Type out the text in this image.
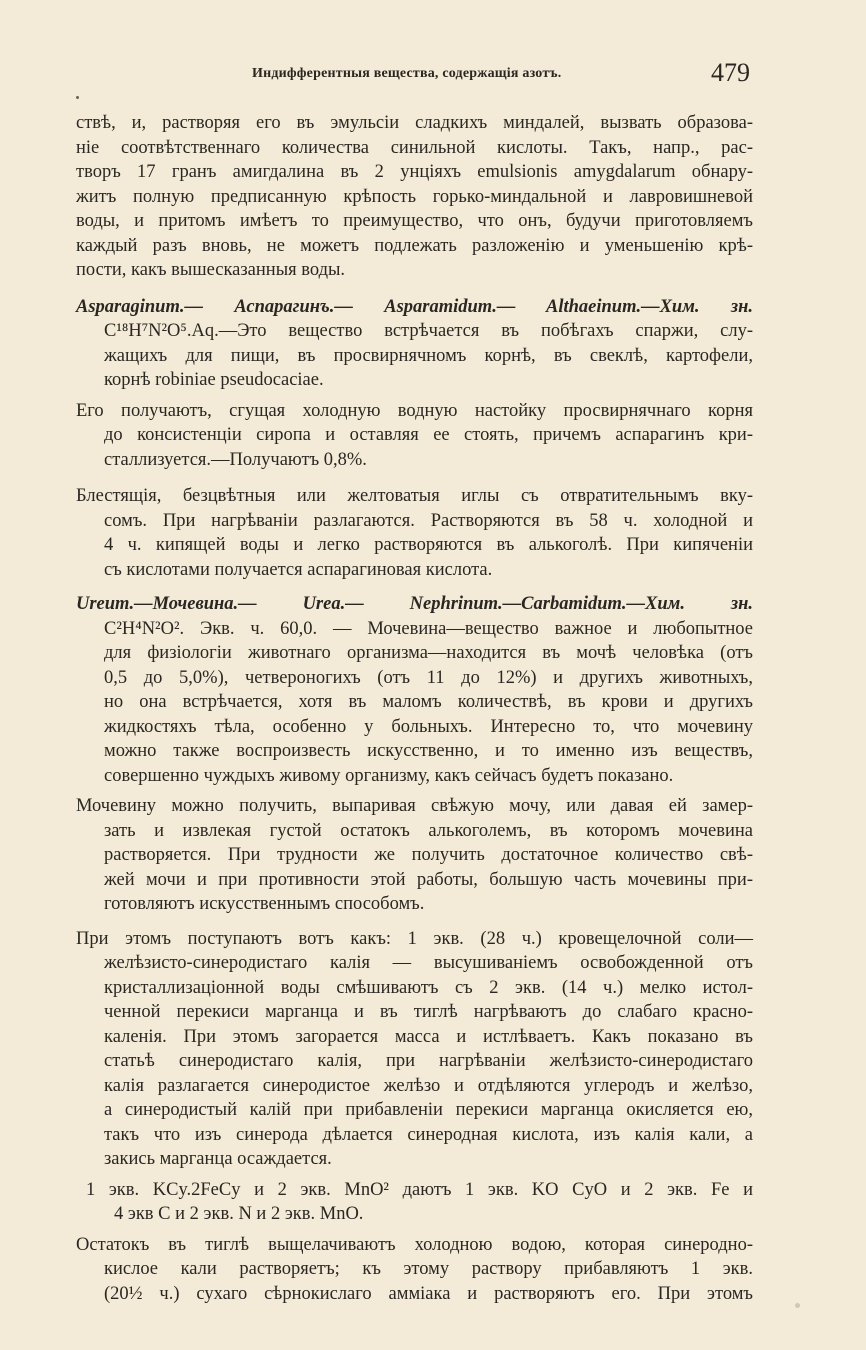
Индифферентныя вещества, содержащія азотъ.	479
ствѣ, и, растворяя его въ эмульсіи сладкихъ миндалей, вызвать образова-
ніе соотвѣтственнаго количества синильной кислоты. Такъ, напр., рас-
творъ 17 гранъ амигдалина въ 2 унціяхъ emulsionis amygdalarum обнару-
житъ полную предписанную крѣпость горько-миндальной и лавровишневой
воды, и притомъ имѣетъ то преимущество, что онъ, будучи приготовляемъ
каждый разъ вновь, не можетъ подлежать разложенію и уменьшенію крѣ-
пости, какъ вышесказанныя воды.
Asparaginum.— Аспарагинъ.— Asparamidum.— Althaeinum.—Хим. зн.
C¹⁸H⁷N²O⁵.Aq.—Это вещество встрѣчается въ побѣгахъ спаржи, слу-
жащихъ для пищи, въ просвирнячномъ корнѣ, въ свеклѣ, картофели,
корнѣ robiniae pseudocaciae.
Его получаютъ, сгущая холодную водную настойку просвирнячнаго корня
до консистенціи сиропа и оставляя ее стоять, причемъ аспарагинъ кри-
сталлизуется.—Получаютъ 0,8%.
Блестящія, безцвѣтныя или желтоватыя иглы съ отвратительнымъ вку-
сомъ. При нагрѣваніи разлагаются. Растворяются въ 58 ч. холодной и
4 ч. кипящей воды и легко растворяются въ алькоголѣ. При кипяченіи
съ кислотами получается аспарагиновая кислота.
Ureum.—Мочевина.— Urea.— Nephrinum.—Carbamidum.—Хим. зн.
C²H⁴N²O². Экв. ч. 60,0. — Мочевина—вещество важное и любопытное
для физіологіи животнаго организма—находится въ мочѣ человѣка (отъ
0,5 до 5,0%), четвероногихъ (отъ 11 до 12%) и другихъ животныхъ,
но она встрѣчается, хотя въ маломъ количествѣ, въ крови и другихъ
жидкостяхъ тѣла, особенно у больныхъ. Интересно то, что мочевину
можно также воспроизвесть искусственно, и то именно изъ веществъ,
совершенно чуждыхъ живому организму, какъ сейчасъ будетъ показано.
Мочевину можно получить, выпаривая свѣжую мочу, или давая ей замер-
зать и извлекая густой остатокъ алькоголемъ, въ которомъ мочевина
растворяется. При трудности же получить достаточное количество свѣ-
жей мочи и при противности этой работы, большую часть мочевины при-
готовляютъ искусственнымъ способомъ.
При этомъ поступаютъ вотъ какъ: 1 экв. (28 ч.) кровещелочной соли—
желѣзисто-синеродистаго калія — высушиваніемъ освобожденной отъ
кристаллизаціонной воды смѣшиваютъ съ 2 экв. (14 ч.) мелко истол-
ченной перекиси марганца и въ тиглѣ нагрѣваютъ до слабаго красно-
каленія. При этомъ загорается масса и истлѣваетъ. Какъ показано въ
статьѣ синеродистаго калія, при нагрѣваніи желѣзисто-синеродистаго
калія разлагается синеродистое желѣзо и отдѣляются углеродъ и желѣзо,
а синеродистый калій при прибавленіи перекиси марганца окисляется ею,
такъ что изъ синерода дѣлается синеродная кислота, изъ калія кали, а
закись марганца осаждается.
1 экв. KCy.2FeCy и 2 экв. MnO² даютъ 1 экв. KO CyO и 2 экв. Fe и
4 экв C и 2 экв. N и 2 экв. MnO.
Остатокъ въ тиглѣ выщелачиваютъ холодною водою, которая синеродно-
кислое кали растворяетъ; къ этому раствору прибавляютъ 1 экв.
(20½ ч.) сухаго сѣрнокислаго аммiака и растворяютъ его. При этомъ
